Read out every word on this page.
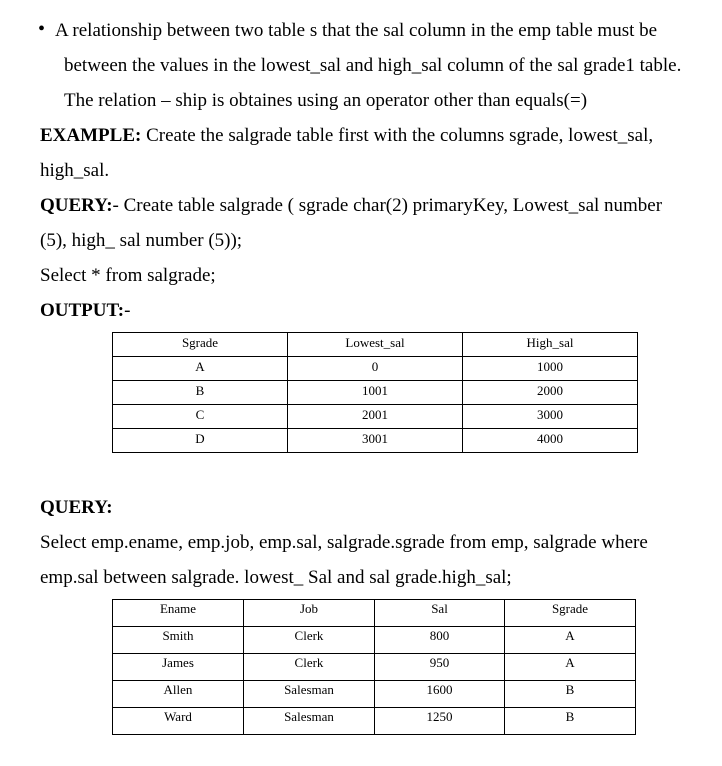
• A relationship between two table s that the sal column in the emp table must be
between the values in the lowest_sal and high_sal column of the sal grade1 table.
The relation – ship is obtaines using an operator other than equals(=)
EXAMPLE: Create the salgrade table first with the columns sgrade, lowest_sal,
high_sal.
QUERY:- Create table salgrade ( sgrade char(2) primaryKey, Lowest_sal number
(5), high_ sal number (5));
Select * from salgrade;
OUTPUT:-
Sgrade	Lowest_sal	High_sal
A	0	1000
B	1001	2000
C	2001	3000
D	3001	4000
QUERY:
Select emp.ename, emp.job, emp.sal, salgrade.sgrade from emp, salgrade where
emp.sal between salgrade. lowest_ Sal and sal grade.high_sal;
Ename	Job	Sal	Sgrade
Smith	Clerk	800	A
James	Clerk	950	A
Allen	Salesman	1600	B
Ward	Salesman	1250	B
